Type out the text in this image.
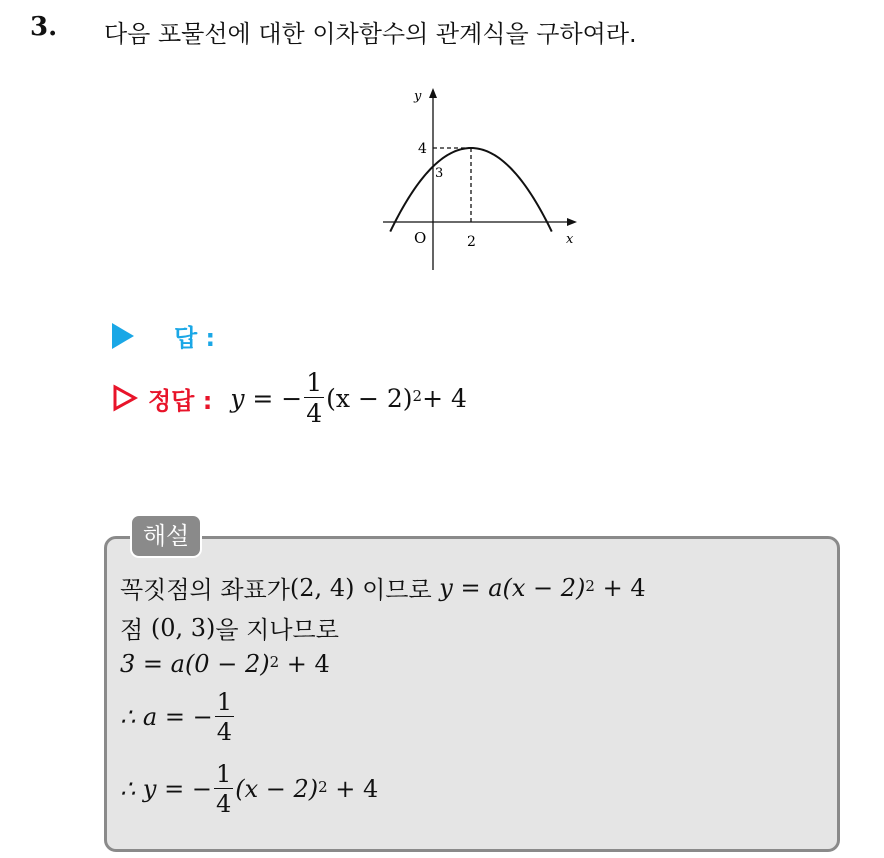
3. 다음 포물선에 대한 이차함수의 관계식을 구하여라.
y
x
O
4
3
2
답 :
정답 : y = − $\frac{1}{4} (x - 2) 2 + 4$
해설
꼭짓점의 좌표가 (2, 4) 이므로 y = a(x − 2) 2 + 4
점 (0, 3) 을 지나므로
3 = a(0 − 2) 2 + 4
∴ a = − $\frac{1}{4}$
∴ y = − $\frac{1}{4} (x - 2) 2 + 4$
